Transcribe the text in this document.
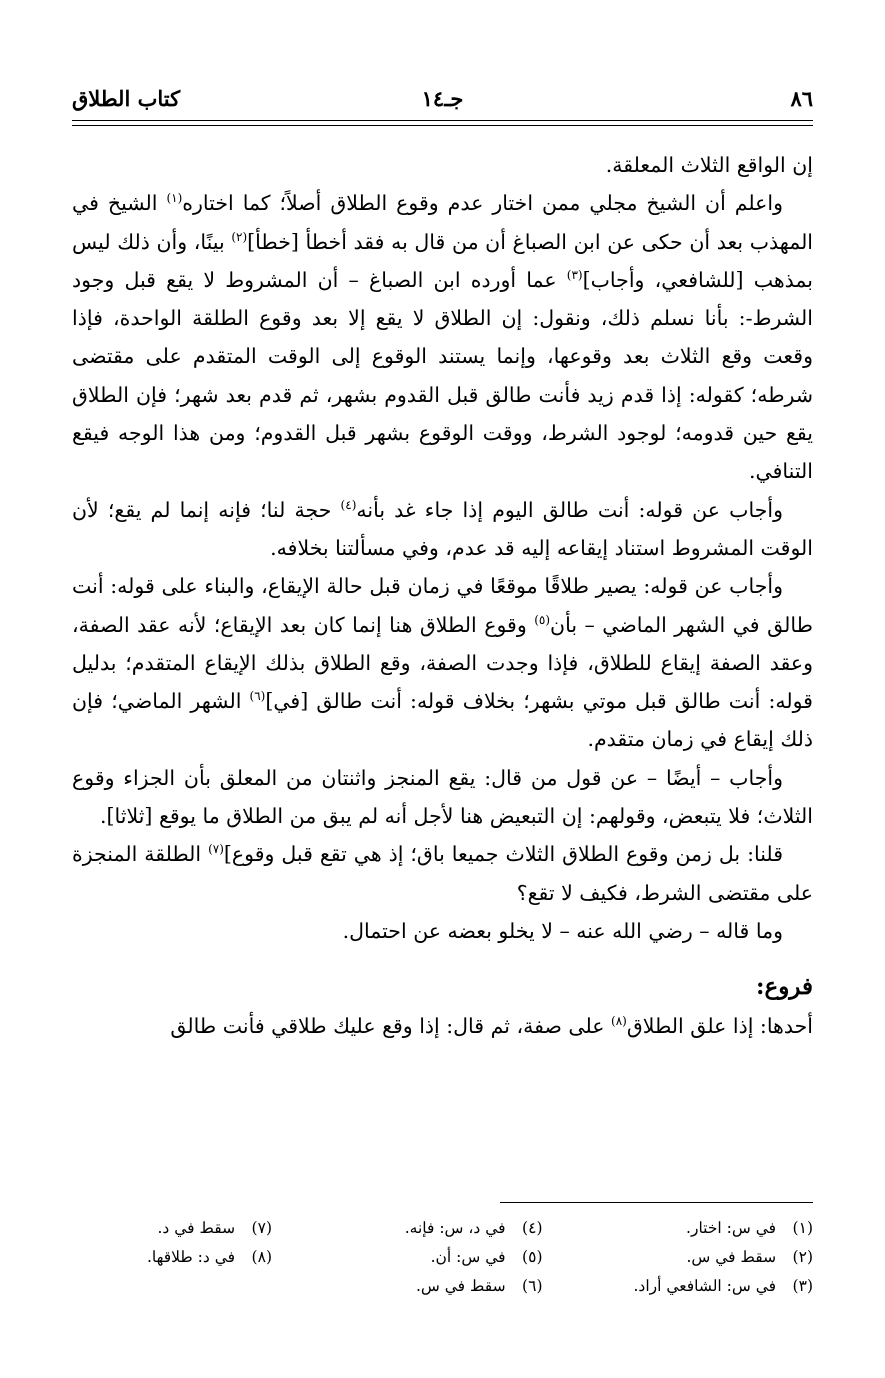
٨٦
جـ١٤
كتاب الطلاق

إن الواقع الثلاث المعلقة.

واعلم أن الشيخ مجلي ممن اختار عدم وقوع الطلاق أصلاً؛ كما اختاره$^{(١)}$ الشيخ في المهذب بعد أن حكى عن ابن الصباغ أن من قال به فقد أخطأ [خطأ]$^{(٢)}$ بينًا، وأن ذلك ليس بمذهب [للشافعي، وأجاب]$^{(٣)}$ عما أورده ابن الصباغ – أن المشروط لا يقع قبل وجود الشرط-: بأنا نسلم ذلك، ونقول: إن الطلاق لا يقع إلا بعد وقوع الطلقة الواحدة، فإذا وقعت وقع الثلاث بعد وقوعها، وإنما يستند الوقوع إلى الوقت المتقدم على مقتضى شرطه؛ كقوله: إذا قدم زيد فأنت طالق قبل القدوم بشهر، ثم قدم بعد شهر؛ فإن الطلاق يقع حين قدومه؛ لوجود الشرط، ووقت الوقوع بشهر قبل القدوم؛ ومن هذا الوجه فيقع التنافي.

وأجاب عن قوله: أنت طالق اليوم إذا جاء غد بأنه$^{(٤)}$ حجة لنا؛ فإنه إنما لم يقع؛ لأن الوقت المشروط استناد إيقاعه إليه قد عدم، وفي مسألتنا بخلافه.

وأجاب عن قوله: يصير طلاقًا موقعًا في زمان قبل حالة الإيقاع، والبناء على قوله: أنت طالق في الشهر الماضي – بأن$^{(٥)}$ وقوع الطلاق هنا إنما كان بعد الإيقاع؛ لأنه عقد الصفة، وعقد الصفة إيقاع للطلاق، فإذا وجدت الصفة، وقع الطلاق بذلك الإيقاع المتقدم؛ بدليل قوله: أنت طالق قبل موتي بشهر؛ بخلاف قوله: أنت طالق [في]$^{(٦)}$ الشهر الماضي؛ فإن ذلك إيقاع في زمان متقدم.

وأجاب – أيضًا – عن قول من قال: يقع المنجز واثنتان من المعلق بأن الجزاء وقوع الثلاث؛ فلا يتبعض، وقولهم: إن التبعيض هنا لأجل أنه لم يبق من الطلاق ما يوقع [ثلاثا].

قلنا: بل زمن وقوع الطلاق الثلاث جميعا باق؛ إذ هي تقع قبل وقوع]$^{(٧)}$ الطلقة المنجزة على مقتضى الشرط، فكيف لا تقع؟

وما قاله – رضي الله عنه – لا يخلو بعضه عن احتمال.

فروع:

أحدها: إذا علق الطلاق$^{(٨)}$ على صفة، ثم قال: إذا وقع عليك طلاقي فأنت طالق

(١) في س: اختار.
(٢) سقط في س.
(٣) في س: الشافعي أراد.
(٤) في د، س: فإنه.
(٥) في س: أن.
(٦) سقط في س.
(٧) سقط في د.
(٨) في د: طلاقها.
